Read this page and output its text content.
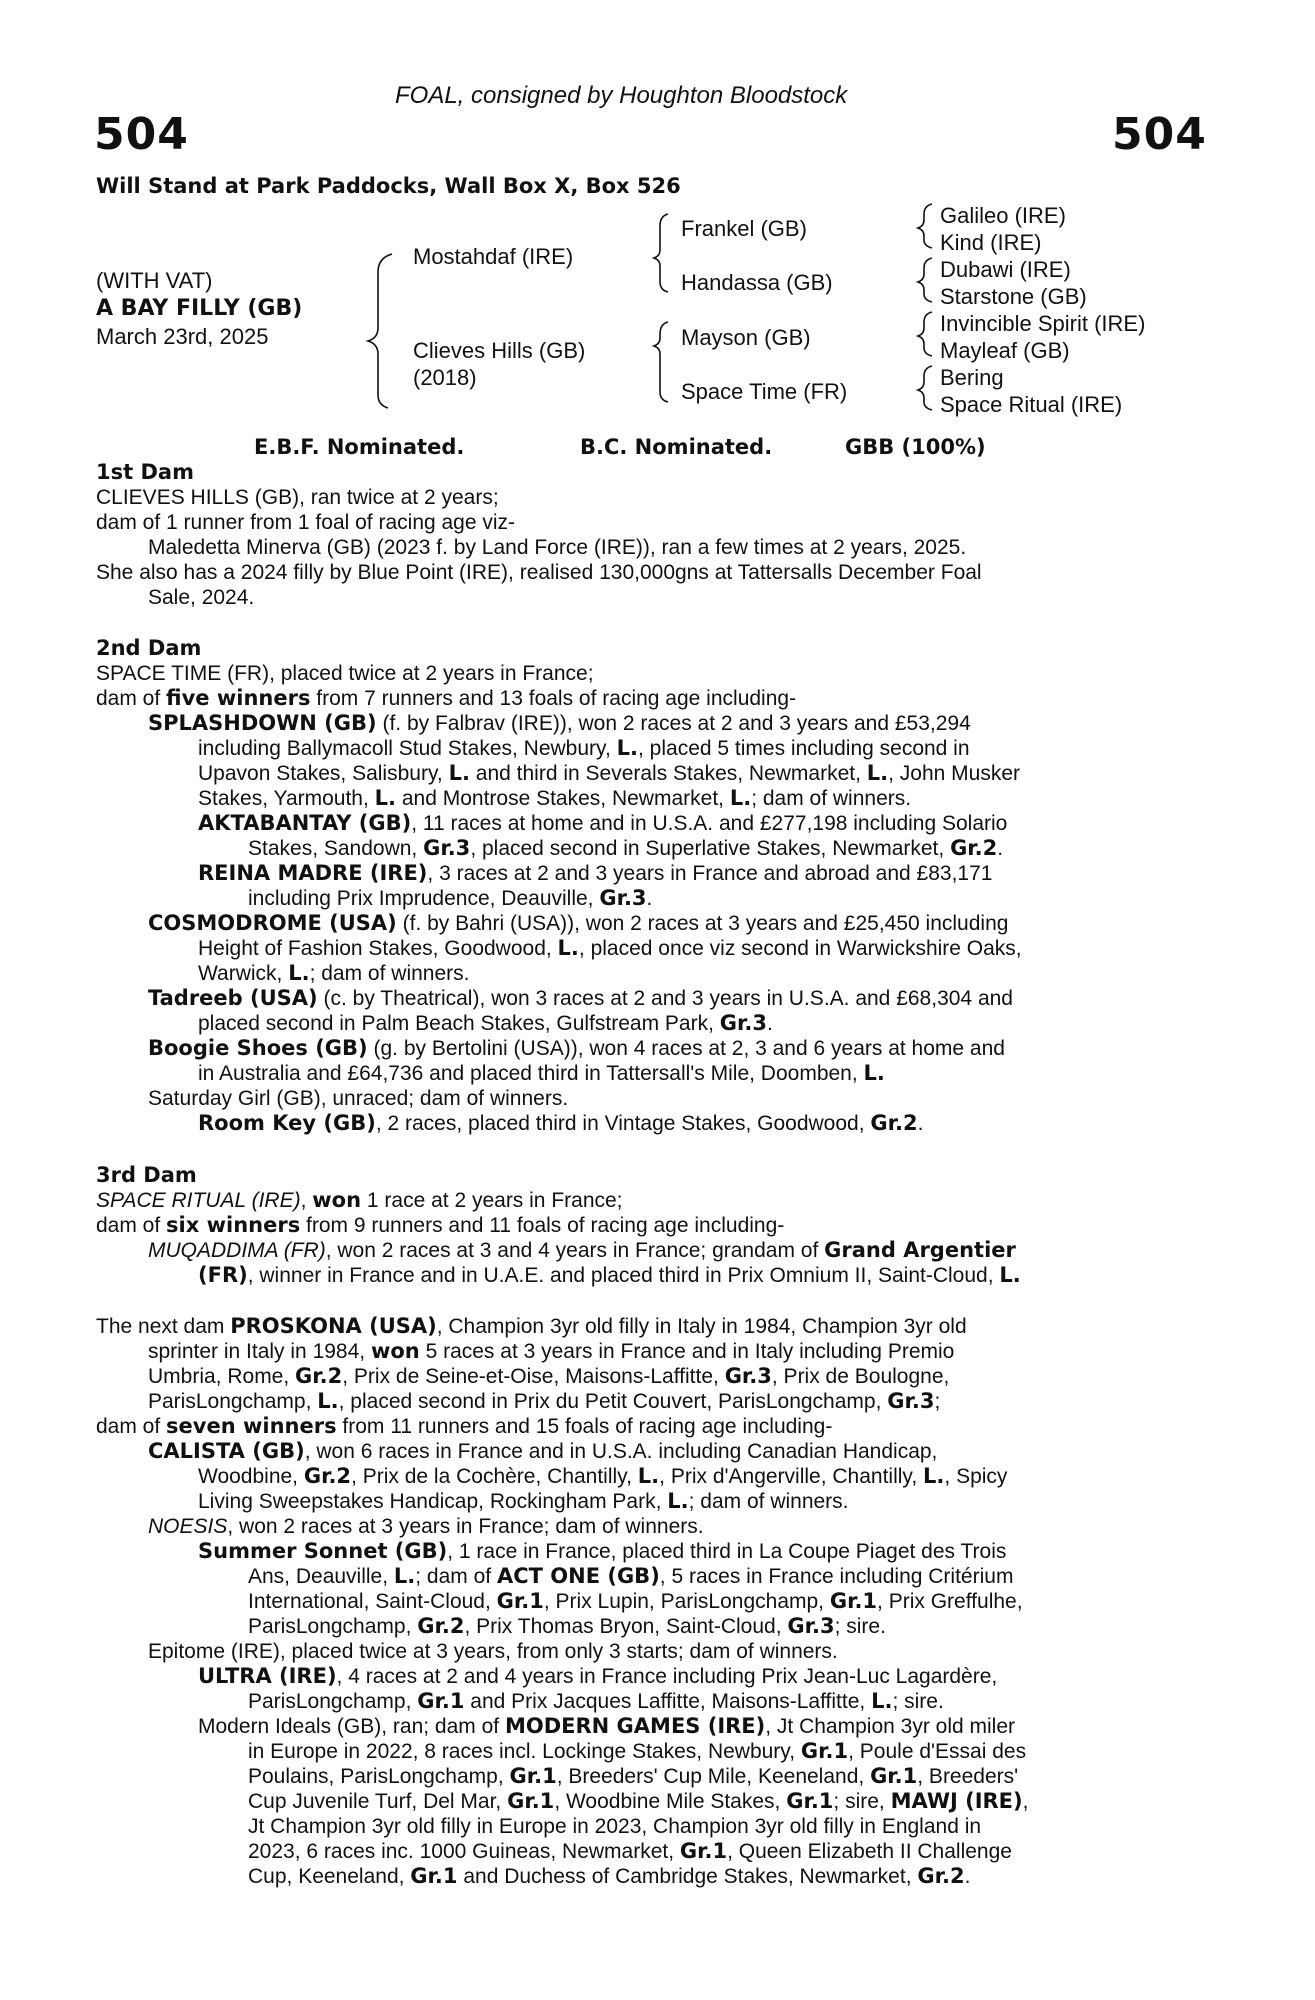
FOAL, consigned by Houghton Bloodstock
504	504
Will Stand at Park Paddocks, Wall Box X, Box 526
(WITH VAT)
A BAY FILLY (GB)
March 23rd, 2025
Mostahdaf (IRE)
Clieves Hills (GB)
(2018)
Frankel (GB)
Handassa (GB)
Mayson (GB)
Space Time (FR)
Galileo (IRE)
Kind (IRE)
Dubawi (IRE)
Starstone (GB)
Invincible Spirit (IRE)
Mayleaf (GB)
Bering
Space Ritual (IRE)
E.B.F. Nominated.	B.C. Nominated.	GBB (100%)
1st Dam
CLIEVES HILLS (GB), ran twice at 2 years;
dam of 1 runner from 1 foal of racing age viz-
Maledetta Minerva (GB) (2023 f. by Land Force (IRE)), ran a few times at 2 years, 2025.
She also has a 2024 filly by Blue Point (IRE), realised 130,000gns at Tattersalls December Foal
Sale, 2024.
2nd Dam
SPACE TIME (FR), placed twice at 2 years in France;
dam of five winners from 7 runners and 13 foals of racing age including-
SPLASHDOWN (GB) (f. by Falbrav (IRE)), won 2 races at 2 and 3 years and £53,294
including Ballymacoll Stud Stakes, Newbury, L., placed 5 times including second in
Upavon Stakes, Salisbury, L. and third in Severals Stakes, Newmarket, L., John Musker
Stakes, Yarmouth, L. and Montrose Stakes, Newmarket, L.; dam of winners.
AKTABANTAY (GB), 11 races at home and in U.S.A. and £277,198 including Solario
Stakes, Sandown, Gr.3, placed second in Superlative Stakes, Newmarket, Gr.2.
REINA MADRE (IRE), 3 races at 2 and 3 years in France and abroad and £83,171
including Prix Imprudence, Deauville, Gr.3.
COSMODROME (USA) (f. by Bahri (USA)), won 2 races at 3 years and £25,450 including
Height of Fashion Stakes, Goodwood, L., placed once viz second in Warwickshire Oaks,
Warwick, L.; dam of winners.
Tadreeb (USA) (c. by Theatrical), won 3 races at 2 and 3 years in U.S.A. and £68,304 and
placed second in Palm Beach Stakes, Gulfstream Park, Gr.3.
Boogie Shoes (GB) (g. by Bertolini (USA)), won 4 races at 2, 3 and 6 years at home and
in Australia and £64,736 and placed third in Tattersall's Mile, Doomben, L.
Saturday Girl (GB), unraced; dam of winners.
Room Key (GB), 2 races, placed third in Vintage Stakes, Goodwood, Gr.2.
3rd Dam
SPACE RITUAL (IRE), won 1 race at 2 years in France;
dam of six winners from 9 runners and 11 foals of racing age including-
MUQADDIMA (FR), won 2 races at 3 and 4 years in France; grandam of Grand Argentier
(FR), winner in France and in U.A.E. and placed third in Prix Omnium II, Saint-Cloud, L.
The next dam PROSKONA (USA), Champion 3yr old filly in Italy in 1984, Champion 3yr old
sprinter in Italy in 1984, won 5 races at 3 years in France and in Italy including Premio
Umbria, Rome, Gr.2, Prix de Seine-et-Oise, Maisons-Laffitte, Gr.3, Prix de Boulogne,
ParisLongchamp, L., placed second in Prix du Petit Couvert, ParisLongchamp, Gr.3;
dam of seven winners from 11 runners and 15 foals of racing age including-
CALISTA (GB), won 6 races in France and in U.S.A. including Canadian Handicap,
Woodbine, Gr.2, Prix de la Cochère, Chantilly, L., Prix d'Angerville, Chantilly, L., Spicy
Living Sweepstakes Handicap, Rockingham Park, L.; dam of winners.
NOESIS, won 2 races at 3 years in France; dam of winners.
Summer Sonnet (GB), 1 race in France, placed third in La Coupe Piaget des Trois
Ans, Deauville, L.; dam of ACT ONE (GB), 5 races in France including Critérium
International, Saint-Cloud, Gr.1, Prix Lupin, ParisLongchamp, Gr.1, Prix Greffulhe,
ParisLongchamp, Gr.2, Prix Thomas Bryon, Saint-Cloud, Gr.3; sire.
Epitome (IRE), placed twice at 3 years, from only 3 starts; dam of winners.
ULTRA (IRE), 4 races at 2 and 4 years in France including Prix Jean-Luc Lagardère,
ParisLongchamp, Gr.1 and Prix Jacques Laffitte, Maisons-Laffitte, L.; sire.
Modern Ideals (GB), ran; dam of MODERN GAMES (IRE), Jt Champion 3yr old miler
in Europe in 2022, 8 races incl. Lockinge Stakes, Newbury, Gr.1, Poule d'Essai des
Poulains, ParisLongchamp, Gr.1, Breeders' Cup Mile, Keeneland, Gr.1, Breeders'
Cup Juvenile Turf, Del Mar, Gr.1, Woodbine Mile Stakes, Gr.1; sire, MAWJ (IRE),
Jt Champion 3yr old filly in Europe in 2023, Champion 3yr old filly in England in
2023, 6 races inc. 1000 Guineas, Newmarket, Gr.1, Queen Elizabeth II Challenge
Cup, Keeneland, Gr.1 and Duchess of Cambridge Stakes, Newmarket, Gr.2.
